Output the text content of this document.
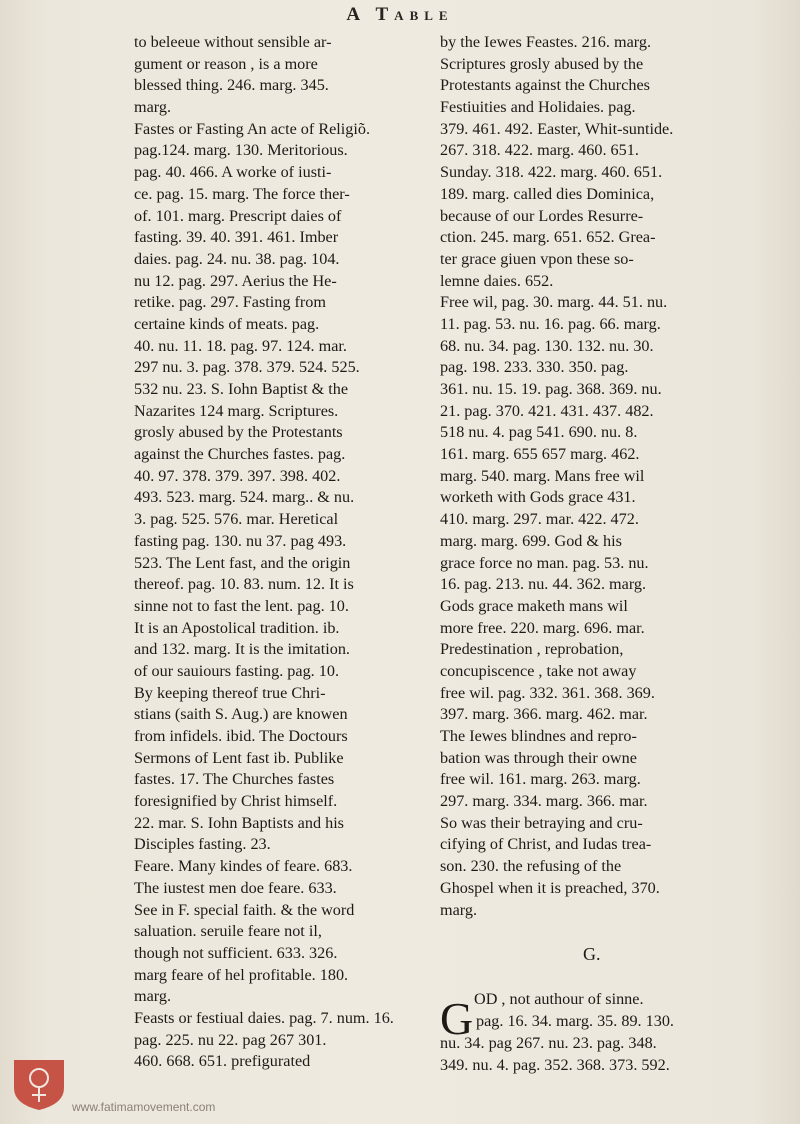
A Table
to beleeue without sensible ar-
gument or reason , is a more
blessed thing. 246. marg. 345.
marg.
Fastes or Fasting An acte of Religiõ.
pag.124. marg. 130. Meritorious.
pag. 40. 466. A worke of iusti-
ce. pag. 15. marg. The force ther-
of. 101. marg. Prescript daies of
fasting. 39. 40. 391. 461. Imber
daies. pag. 24. nu. 38. pag. 104.
nu 12. pag. 297. Aerius the He-
retike. pag. 297. Fasting from
certaine kinds of meats. pag.
40. nu. 11. 18. pag. 97. 124. mar.
297 nu. 3. pag. 378. 379. 524. 525.
532 nu. 23. S. Iohn Baptist & the
Nazarites 124 marg. Scriptures.
grosly abused by the Protestants
against the Churches fastes. pag.
40. 97. 378. 379. 397. 398. 402.
493. 523. marg. 524. marg.. & nu.
3. pag. 525. 576. mar. Heretical
fasting pag. 130. nu 37. pag 493.
523. The Lent fast, and the origin
thereof. pag. 10. 83. num. 12. It is
sinne not to fast the lent. pag. 10.
It is an Apostolical tradition. ib.
and 132. marg. It is the imitation.
of our sauiours fasting. pag. 10.
By keeping thereof true Chri-
stians (saith S. Aug.) are knowen
from infidels. ibid. The Doctours
Sermons of Lent fast ib. Publike
fastes. 17. The Churches fastes
foresignified by Christ himself.
22. mar. S. Iohn Baptists and his
Disciples fasting. 23.
Feare. Many kindes of feare. 683.
The iustest men doe feare. 633.
See in F. special faith. & the word
saluation. seruile feare not il,
though not sufficient. 633. 326.
marg feare of hel profitable. 180.
marg.
Feasts or festiual daies. pag. 7. num. 16.
pag. 225. nu 22. pag 267 301.
460. 668. 651. prefigurated
by the Iewes Feastes. 216. marg.
Scriptures grosly abused by the
Protestants against the Churches
Festiuities and Holidaies. pag.
379. 461. 492. Easter, Whit-suntide.
267. 318. 422. marg. 460. 651.
Sunday. 318. 422. marg. 460. 651.
189. marg. called dies Dominica,
because of our Lordes Resurre-
ction. 245. marg. 651. 652. Grea-
ter grace giuen vpon these so-
lemne daies. 652.
Free wil, pag. 30. marg. 44. 51. nu.
11. pag. 53. nu. 16. pag. 66. marg.
68. nu. 34. pag. 130. 132. nu. 30.
pag. 198. 233. 330. 350. pag.
361. nu. 15. 19. pag. 368. 369. nu.
21. pag. 370. 421. 431. 437. 482.
518 nu. 4. pag 541. 690. nu. 8.
161. marg. 655 657 marg. 462.
marg. 540. marg. Mans free wil
worketh with Gods grace 431.
410. marg. 297. mar. 422. 472.
marg. marg. 699. God & his
grace force no man. pag. 53. nu.
16. pag. 213. nu. 44. 362. marg.
Gods grace maketh mans wil
more free. 220. marg. 696. mar.
Predestination , reprobation,
concupiscence , take not away
free wil. pag. 332. 361. 368. 369.
397. marg. 366. marg. 462. mar.
The Iewes blindnes and repro-
bation was through their owne
free wil. 161. marg. 263. marg.
297. marg. 334. marg. 366. mar.
So was their betraying and cru-
cifying of Christ, and Iudas trea-
son. 230. the refusing of the
Ghospel when it is preached, 370.
marg.
G.
G OD , not authour of sinne.
pag. 16. 34. marg. 35. 89. 130.
nu. 34. pag 267. nu. 23. pag. 348.
349. nu. 4. pag. 352. 368. 373. 592.
www.fatimamovement.com
